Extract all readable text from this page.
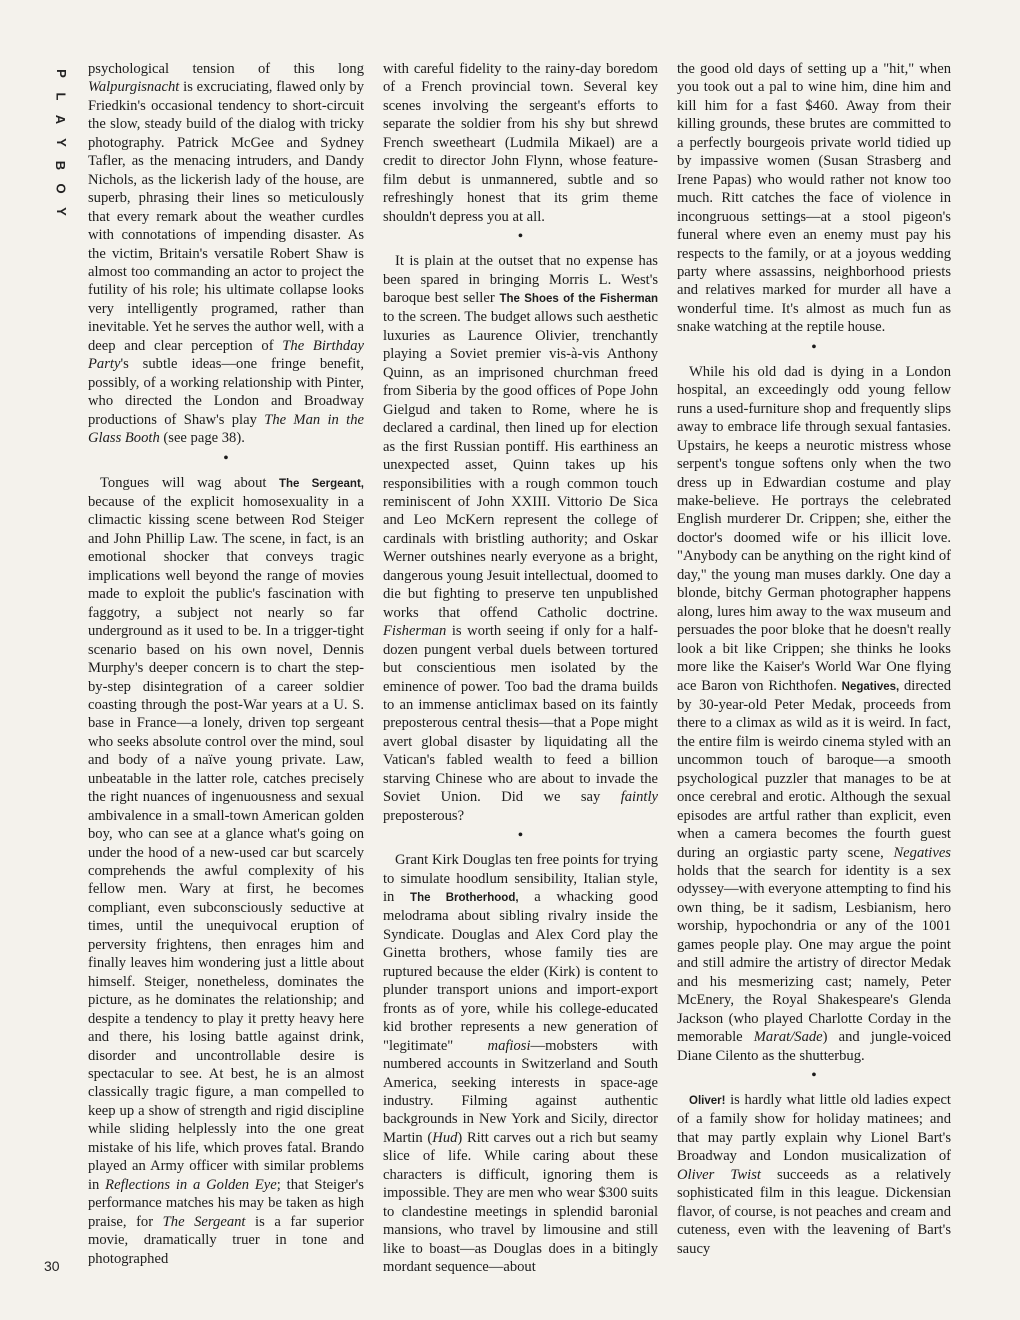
P
L
A
Y
B
O
Y

psychological tension of this long Walpurgisnacht is excruciating, flawed only by Friedkin's occasional tendency to short-circuit the slow, steady build of the dialog with tricky photography. Patrick McGee and Sydney Tafler, as the menacing intruders, and Dandy Nichols, as the lickerish lady of the house, are superb, phrasing their lines so meticulously that every remark about the weather curdles with connotations of impending disaster. As the victim, Britain's versatile Robert Shaw is almost too commanding an actor to project the futility of his role; his ultimate collapse looks very intelligently programed, rather than inevitable. Yet he serves the author well, with a deep and clear perception of The Birthday Party's subtle ideas—one fringe benefit, possibly, of a working relationship with Pinter, who directed the London and Broadway productions of Shaw's play The Man in the Glass Booth (see page 38).

•

Tongues will wag about The Sergeant, because of the explicit homosexuality in a climactic kissing scene between Rod Steiger and John Phillip Law. The scene, in fact, is an emotional shocker that conveys tragic implications well beyond the range of movies made to exploit the public's fascination with faggotry, a subject not nearly so far underground as it used to be. In a trigger-tight scenario based on his own novel, Dennis Murphy's deeper concern is to chart the step-by-step disintegration of a career soldier coasting through the post-War years at a U. S. base in France—a lonely, driven top sergeant who seeks absolute control over the mind, soul and body of a naïve young private. Law, unbeatable in the latter role, catches precisely the right nuances of ingenuousness and sexual ambivalence in a small-town American golden boy, who can see at a glance what's going on under the hood of a new-used car but scarcely comprehends the awful complexity of his fellow men. Wary at first, he becomes compliant, even subconsciously seductive at times, until the unequivocal eruption of perversity frightens, then enrages him and finally leaves him wondering just a little about himself. Steiger, nonetheless, dominates the picture, as he dominates the relationship; and despite a tendency to play it pretty heavy here and there, his losing battle against drink, disorder and uncontrollable desire is spectacular to see. At best, he is an almost classically tragic figure, a man compelled to keep up a show of strength and rigid discipline while sliding helplessly into the one great mistake of his life, which proves fatal. Brando played an Army officer with similar problems in Reflections in a Golden Eye; that Steiger's performance matches his may be taken as high praise, for The Sergeant is a far superior movie, dramatically truer in tone and photographed

with careful fidelity to the rainy-day boredom of a French provincial town. Several key scenes involving the sergeant's efforts to separate the soldier from his shy but shrewd French sweetheart (Ludmila Mikael) are a credit to director John Flynn, whose feature-film debut is unmannered, subtle and so refreshingly honest that its grim theme shouldn't depress you at all.

•

It is plain at the outset that no expense has been spared in bringing Morris L. West's baroque best seller The Shoes of the Fisherman to the screen. The budget allows such aesthetic luxuries as Laurence Olivier, trenchantly playing a Soviet premier vis-à-vis Anthony Quinn, as an imprisoned churchman freed from Siberia by the good offices of Pope John Gielgud and taken to Rome, where he is declared a cardinal, then lined up for election as the first Russian pontiff. His earthiness an unexpected asset, Quinn takes up his responsibilities with a rough common touch reminiscent of John XXIII. Vittorio De Sica and Leo McKern represent the college of cardinals with bristling authority; and Oskar Werner outshines nearly everyone as a bright, dangerous young Jesuit intellectual, doomed to die but fighting to preserve ten unpublished works that offend Catholic doctrine. Fisherman is worth seeing if only for a half-dozen pungent verbal duels between tortured but conscientious men isolated by the eminence of power. Too bad the drama builds to an immense anticlimax based on its faintly preposterous central thesis—that a Pope might avert global disaster by liquidating all the Vatican's fabled wealth to feed a billion starving Chinese who are about to invade the Soviet Union. Did we say faintly preposterous?

•

Grant Kirk Douglas ten free points for trying to simulate hoodlum sensibility, Italian style, in The Brotherhood, a whacking good melodrama about sibling rivalry inside the Syndicate. Douglas and Alex Cord play the Ginetta brothers, whose family ties are ruptured because the elder (Kirk) is content to plunder transport unions and import-export fronts as of yore, while his college-educated kid brother represents a new generation of "legitimate" mafiosi—mobsters with numbered accounts in Switzerland and South America, seeking interests in space-age industry. Filming against authentic backgrounds in New York and Sicily, director Martin (Hud) Ritt carves out a rich but seamy slice of life. While caring about these characters is difficult, ignoring them is impossible. They are men who wear $300 suits to clandestine meetings in splendid baronial mansions, who travel by limousine and still like to boast—as Douglas does in a bitingly mordant sequence—about

the good old days of setting up a "hit," when you took out a pal to wine him, dine him and kill him for a fast $460. Away from their killing grounds, these brutes are committed to a perfectly bourgeois private world tidied up by impassive women (Susan Strasberg and Irene Papas) who would rather not know too much. Ritt catches the face of violence in incongruous settings—at a stool pigeon's funeral where even an enemy must pay his respects to the family, or at a joyous wedding party where assassins, neighborhood priests and relatives marked for murder all have a wonderful time. It's almost as much fun as snake watching at the reptile house.

•

While his old dad is dying in a London hospital, an exceedingly odd young fellow runs a used-furniture shop and frequently slips away to embrace life through sexual fantasies. Upstairs, he keeps a neurotic mistress whose serpent's tongue softens only when the two dress up in Edwardian costume and play make-believe. He portrays the celebrated English murderer Dr. Crippen; she, either the doctor's doomed wife or his illicit love. "Anybody can be anything on the right kind of day," the young man muses darkly. One day a blonde, bitchy German photographer happens along, lures him away to the wax museum and persuades the poor bloke that he doesn't really look a bit like Crippen; she thinks he looks more like the Kaiser's World War One flying ace Baron von Richthofen. Negatives, directed by 30-year-old Peter Medak, proceeds from there to a climax as wild as it is weird. In fact, the entire film is weirdo cinema styled with an uncommon touch of baroque—a smooth psychological puzzler that manages to be at once cerebral and erotic. Although the sexual episodes are artful rather than explicit, even when a camera becomes the fourth guest during an orgiastic party scene, Negatives holds that the search for identity is a sex odyssey—with everyone attempting to find his own thing, be it sadism, Lesbianism, hero worship, hypochondria or any of the 1001 games people play. One may argue the point and still admire the artistry of director Medak and his mesmerizing cast; namely, Peter McEnery, the Royal Shakespeare's Glenda Jackson (who played Charlotte Corday in the memorable Marat/Sade) and jungle-voiced Diane Cilento as the shutterbug.

•

Oliver! is hardly what little old ladies expect of a family show for holiday matinees; and that may partly explain why Lionel Bart's Broadway and London musicalization of Oliver Twist succeeds as a relatively sophisticated film in this league. Dickensian flavor, of course, is not peaches and cream and cuteness, even with the leavening of Bart's saucy

30
